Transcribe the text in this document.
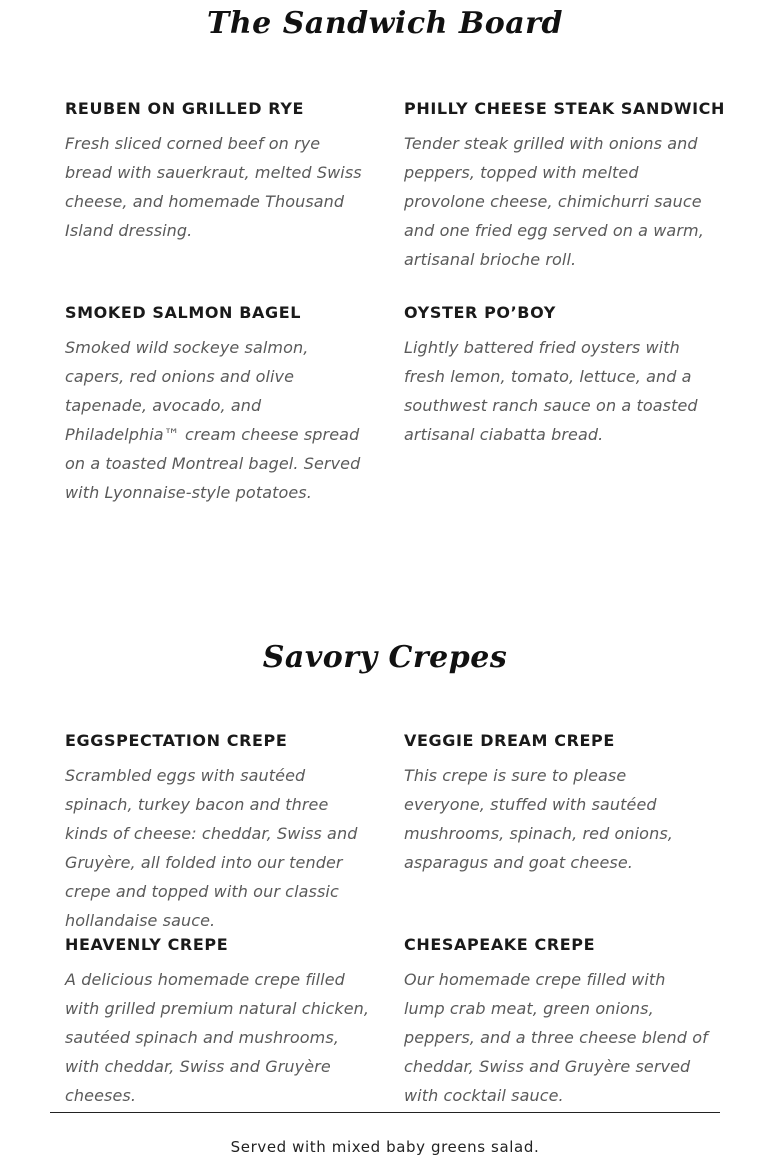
The Sandwich Board
REUBEN ON GRILLED RYE

Fresh sliced corned beef on rye bread with sauerkraut, melted Swiss cheese, and homemade Thousand Island dressing.

PHILLY CHEESE STEAK SANDWICH

Tender steak grilled with onions and peppers, topped with melted provolone cheese, chimichurri sauce and one fried egg served on a warm, artisanal brioche roll.

SMOKED SALMON BAGEL

Smoked wild sockeye salmon, capers, red onions and olive tapenade, avocado, and Philadelphia™ cream cheese spread on a toasted Montreal bagel. Served with Lyonnaise-style potatoes.

OYSTER PO’BOY

Lightly battered fried oysters with fresh lemon, tomato, lettuce, and a southwest ranch sauce on a toasted artisanal ciabatta bread.

Savory Crepes
EGGSPECTATION CREPE

Scrambled eggs with sautéed spinach, turkey bacon and three kinds of cheese: cheddar, Swiss and Gruyère, all folded into our tender crepe and topped with our classic hollandaise sauce.

VEGGIE DREAM CREPE

This crepe is sure to please everyone, stuffed with sautéed mushrooms, spinach, red onions, asparagus and goat cheese.

HEAVENLY CREPE

A delicious homemade crepe filled with grilled premium natural chicken, sautéed spinach and mushrooms, with cheddar, Swiss and Gruyère cheeses.

CHESAPEAKE CREPE

Our homemade crepe filled with lump crab meat, green onions, peppers, and a three cheese blend of cheddar, Swiss and Gruyère served with cocktail sauce.

Served with mixed baby greens salad.
